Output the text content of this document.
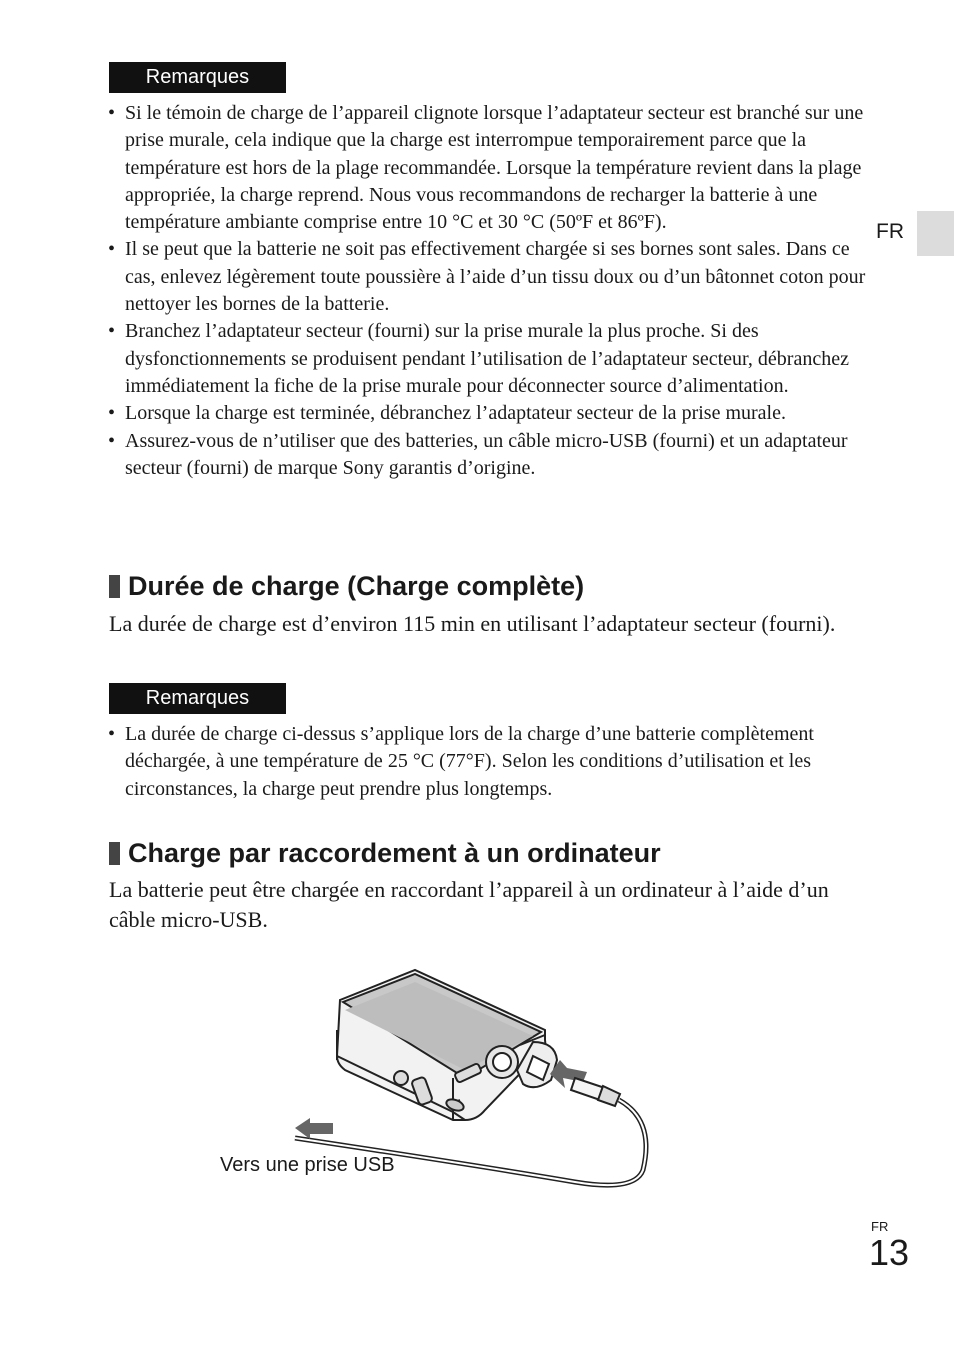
FR
Remarques
• Si le témoin de charge de l’appareil clignote lorsque l’adaptateur secteur est branché sur une prise murale, cela indique que la charge est interrompue temporairement parce que la température est hors de la plage recommandée. Lorsque la température revient dans la plage appropriée, la charge reprend. Nous vous recommandons de recharger la batterie à une température ambiante comprise entre 10 °C et 30 °C (50ºF et 86ºF).
• Il se peut que la batterie ne soit pas effectivement chargée si ses bornes sont sales. Dans ce cas, enlevez légèrement toute poussière à l’aide d’un tissu doux ou d’un bâtonnet coton pour nettoyer les bornes de la batterie.
• Branchez l’adaptateur secteur (fourni) sur la prise murale la plus proche. Si des dysfonctionnements se produisent pendant l’utilisation de l’adaptateur secteur, débranchez immédiatement la fiche de la prise murale pour déconnecter source d’alimentation.
• Lorsque la charge est terminée, débranchez l’adaptateur secteur de la prise murale.
• Assurez-vous de n’utiliser que des batteries, un câble micro-USB (fourni) et un adaptateur secteur (fourni) de marque Sony garantis d’origine.
Durée de charge (Charge complète)

La durée de charge est d’environ 115 min en utilisant l’adaptateur secteur (fourni).

Remarques
• La durée de charge ci-dessus s’applique lors de la charge d’une batterie complètement déchargée, à une température de 25 °C (77°F). Selon les conditions d’utilisation et les circonstances, la charge peut prendre plus longtemps.
Charge par raccordement à un ordinateur

La batterie peut être chargée en raccordant l’appareil à un ordinateur à l’aide d’un câble micro-USB.

Vers une prise USB
FR
13
